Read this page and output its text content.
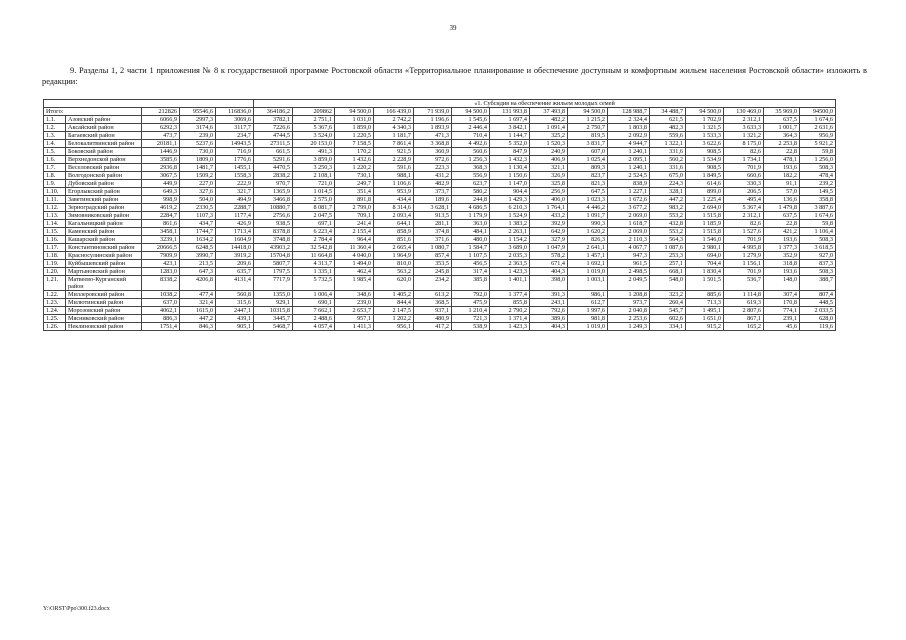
39
9. Разделы 1, 2 части 1 приложения № 8 к государственной программе Ростовской области «Территориальное планирование и обеспечение доступным и комфортным жильем населения Ростовской области» изложить в редакции:
					«1. Субсидия на обеспечение жильем молодых семей														
Итого:		212826	95546,6	116836,0	364186,2	209862	94 500,0	166 439,0	71 939,0	94 500,0	131 993,8	37 493,8	94 500,0	128 988,7	34 488,7	94 500,0	130 469,0	35 969,0	94500,0
1.1.	Азовский район	6066,9	2997,3	3069,6	3782,1	2 751,1	1 031,0	2 742,2	1 196,6	1 545,6	1 697,4	482,2	1 215,2	2 324,4	621,5	1 702,9	2 312,1	637,5	1 674,6
1.2.	Аксайский район	6292,3	3174,6	3117,7	7226,6	5 367,6	1 859,0	4 340,3	1 893,9	2 446,4	3 842,1	1 091,4	2 750,7	1 803,8	482,3	1 321,5	3 633,3	1 001,7	2 631,6
1.3.	Багаевский район	473,7	239,0	234,7	4744,5	3 524,0	1 220,5	1 181,7	471,3	710,4	1 144,7	325,2	819,5	2 092,9	559,6	1 533,3	1 321,2	364,3	956,9
1.4.	Белокалитвинский район	20181,1	5237,6	14943,5	27311,5	20 153,0	7 158,5	7 861,4	3 368,8	4 492,6	5 352,0	1 520,3	3 831,7	4 944,7	1 322,1	3 622,6	8 175,0	2 253,8	5 921,2
1.5.	Боковский район	1446,9	730,0	716,9	661,5	491,3	170,2	921,5	360,9	560,6	847,9	240,9	607,0	1 240,1	331,6	908,5	82,6	22,8	59,8
1.6.	Верхнедонской район	3585,6	1809,0	1776,6	5291,6	3 859,0	1 432,6	2 228,9	972,6	1 256,3	1 432,3	406,9	1 025,4	2 095,1	560,2	1 534,9	1 734,1	478,1	1 256,0
1.7.	Веселовский район	2936,8	1481,7	1455,1	4470,5	3 250,3	1 220,2	591,6	223,3	368,3	1 130,4	321,1	809,3	1 240,1	331,6	908,5	701,9	193,6	508,3
1.8.	Волгодонской район	3067,5	1509,2	1558,3	2838,2	2 108,1	730,1	988,1	431,2	556,9	1 150,6	326,9	823,7	2 524,5	675,0	1 849,5	660,6	182,2	478,4
1.9.	Дубовский район	449,9	227,0	222,9	970,7	721,0	249,7	1 106,6	482,9	623,7	1 147,0	325,8	821,3	838,9	224,3	614,6	330,3	91,1	239,2
1.10.	Егорлыкский район	649,3	327,6	321,7	1365,9	1 014,5	351,4	953,9	373,7	580,2	904,4	256,9	647,5	1 227,1	328,1	899,0	206,5	57,0	149,5
1.11.	Заветинский район	998,9	504,0	494,9	3466,8	2 575,0	891,8	434,4	189,6	244,8	1 429,3	406,0	1 023,3	1 672,6	447,2	1 225,4	495,4	136,6	358,8
1.12.	Зерноградский район	4619,2	2330,5	2288,7	10880,7	8 081,7	2 799,0	8 314,6	3 628,1	4 686,5	6 210,3	1 764,1	4 446,2	3 677,2	983,2	2 694,0	5 367,4	1 479,8	3 887,6
1.13.	Зимовниковский район	2284,7	1107,3	1177,4	2756,6	2 047,5	709,1	2 093,4	913,5	1 179,9	1 524,9	433,2	1 091,7	2 069,0	553,2	1 515,8	2 312,1	637,5	1 674,6
1.14.	Кагальницкий район	861,6	434,7	426,9	938,5	697,1	241,4	644,1	281,1	363,0	1 383,2	392,9	990,3	1 618,7	432,8	1 185,9	82,6	22,8	59,8
1.15.	Каменский район	3458,1	1744,7	1713,4	8378,8	6 223,4	2 155,4	858,9	374,8	484,1	2 263,1	642,9	1 620,2	2 069,0	553,2	1 515,8	1 527,6	421,2	1 106,4
1.16.	Кашарский район	3239,1	1634,2	1604,9	3748,8	2 784,4	964,4	851,6	371,6	480,0	1 154,2	327,9	826,3	2 110,3	564,3	1 546,0	701,9	193,6	508,3
1.17.	Константиновский район	20666,5	6248,5	14418,0	43903,2	32 542,8	11 360,4	2 665,4	1 080,7	1 584,7	3 689,0	1 047,9	2 641,1	4 067,7	1 087,6	2 980,1	4 995,8	1 377,3	3 618,5
1.18.	Красносулинский район	7909,9	3990,7	3919,2	15704,8	11 664,8	4 040,0	1 964,9	857,4	1 107,5	2 035,3	578,2	1 457,1	947,3	253,3	694,0	1 279,9	352,9	927,0
1.19.	Куйбышевский район	423,1	213,5	209,6	5807,7	4 313,7	1 494,0	810,0	353,5	456,5	2 363,5	671,4	1 692,1	961,5	257,1	704,4	1 156,1	318,8	837,3
1.20.	Мартыновский район	1283,0	647,3	635,7	1797,5	1 335,1	462,4	563,2	245,8	317,4	1 423,3	404,3	1 019,0	2 498,5	668,1	1 830,4	701,9	193,6	508,3
1.21.	Матвеево-Курганский район	8338,2	4206,8	4131,4	7717,9	5 732,5	1 985,4	620,0	234,2	385,8	1 401,1	398,0	1 003,1	2 049,5	548,0	1 501,5	536,7	148,0	388,7
1.22.	Миллеровский район	1038,2	477,4	560,8	1355,0	1 006,4	348,6	1 405,2	613,2	792,0	1 377,4	391,3	986,1	1 208,8	323,2	885,6	1 114,8	307,4	807,4
1.23.	Милютинский район	637,0	321,4	315,6	929,1	690,1	239,0	844,4	368,5	475,9	855,8	243,1	612,7	973,7	260,4	713,3	619,3	170,8	448,5
1.24.	Морозовский район	4062,1	1615,0	2447,1	10315,8	7 662,1	2 653,7	2 147,5	937,1	1 210,4	2 790,2	792,6	1 997,6	2 040,8	545,7	1 495,1	2 807,6	774,1	2 033,5
1.25.	Мясниковский район	886,3	447,2	439,1	3445,7	2 488,6	957,1	1 202,2	480,9	721,3	1 371,4	389,6	981,8	2 253,6	602,6	1 651,0	867,1	239,1	628,0
1.26.	Неклиновский район	1751,4	846,3	905,1	5468,7	4 057,4	1 411,3	956,1	417,2	538,9	1 423,3	404,3	1 019,0	1 249,3	334,1	915,2	165,2	45,6	119,6
Y:\ORST\Ppo\300.f23.docx
